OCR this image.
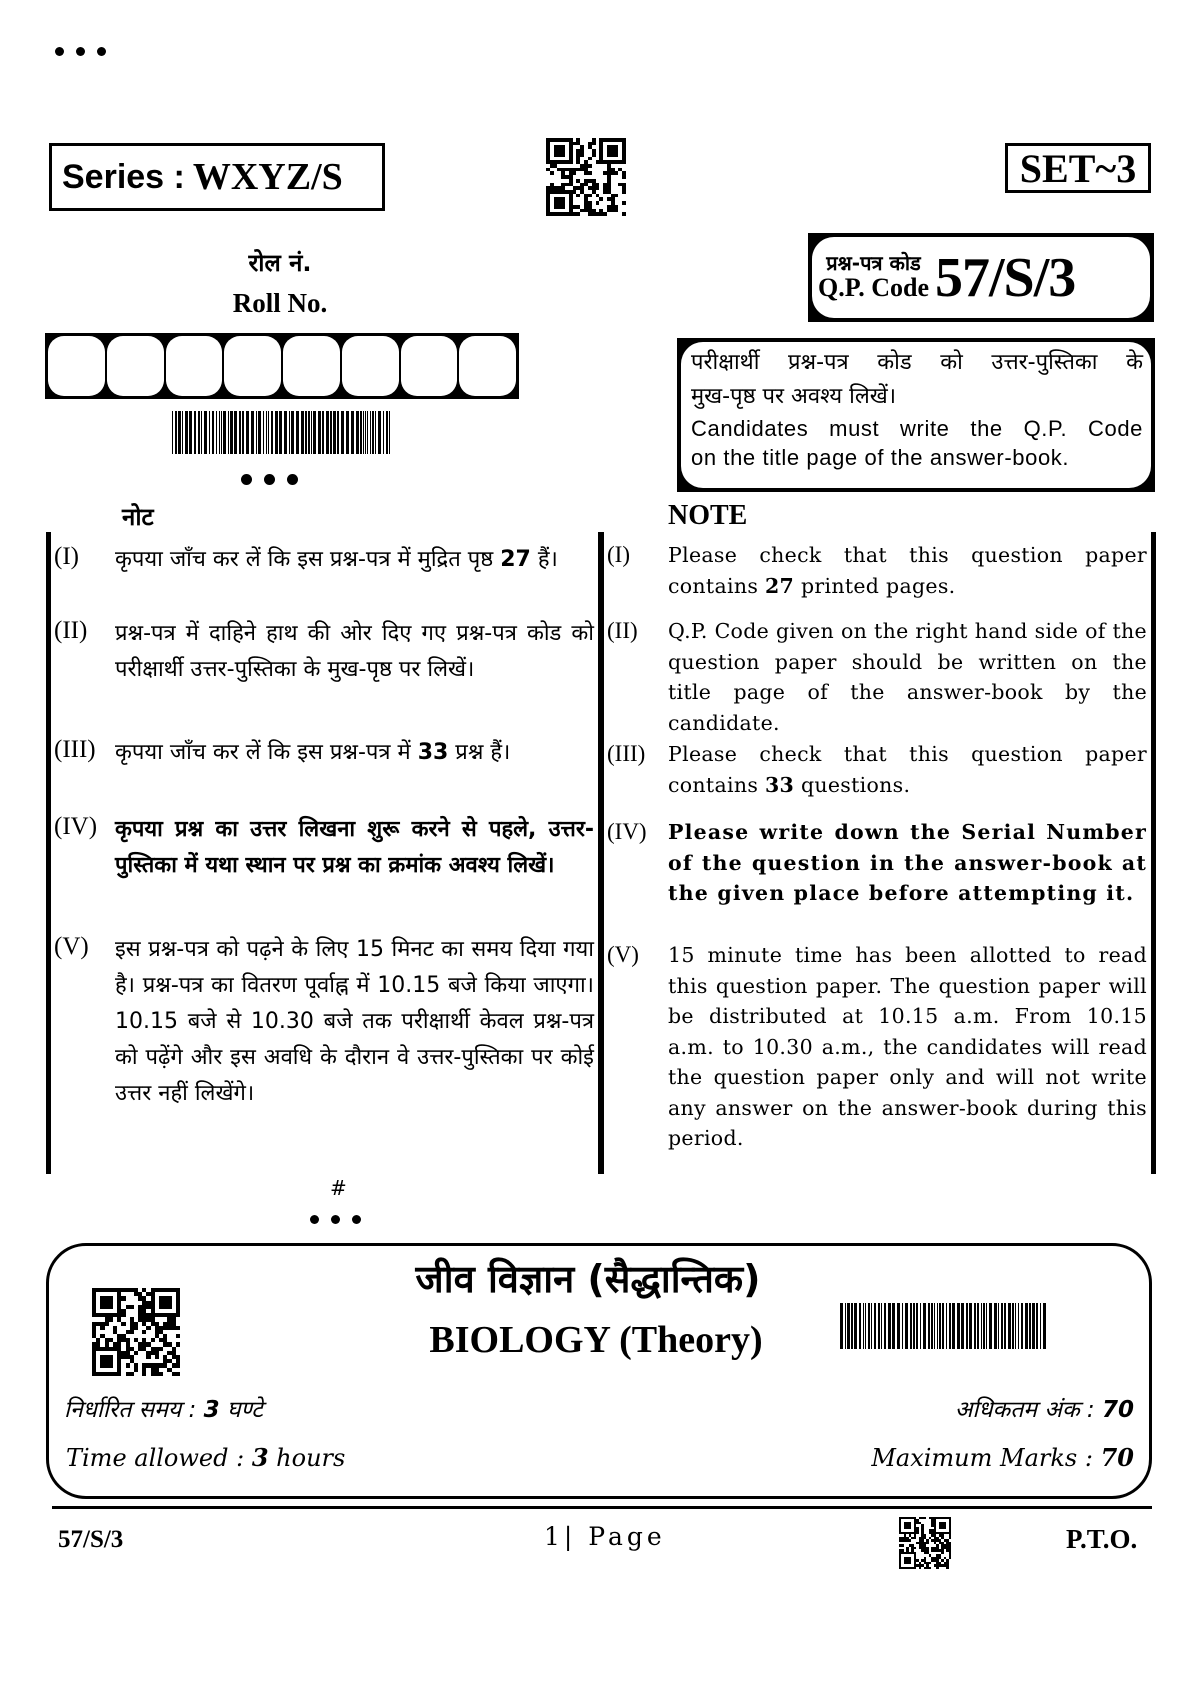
Series : WXYZ/S	SET~3
रोल नं.
Roll No.
प्रश्न-पत्र कोड
Q.P. Code 57/S/3
परीक्षार्थी प्रश्न-पत्र कोड को उत्तर-पुस्तिका के
मुख-पृष्ठ पर अवश्य लिखें।
Candidates must write the Q.P. Code
on the title page of the answer-book.
नोट	NOTE
(I)	कृपया जाँच कर लें कि इस प्रश्न-पत्र में मुद्रित पृष्ठ 27 हैं।
(II)	प्रश्न-पत्र में दाहिने हाथ की ओर दिए गए प्रश्न-पत्र कोड को परीक्षार्थी उत्तर-पुस्तिका के मुख-पृष्ठ पर लिखें।
(III) कृपया जाँच कर लें कि इस प्रश्न-पत्र में 33 प्रश्न हैं।
(IV) कृपया प्रश्न का उत्तर लिखना शुरू करने से पहले, उत्तर-पुस्तिका में यथा स्थान पर प्रश्न का क्रमांक अवश्य लिखें।
(V)	इस प्रश्न-पत्र को पढ़ने के लिए 15 मिनट का समय दिया गया है। प्रश्न-पत्र का वितरण पूर्वाह्न में 10.15 बजे किया जाएगा। 10.15 बजे से 10.30 बजे तक परीक्षार्थी केवल प्रश्न-पत्र को पढ़ेंगे और इस अवधि के दौरान वे उत्तर-पुस्तिका पर कोई उत्तर नहीं लिखेंगे।
(I)	Please check that this question paper contains 27 printed pages.
(II)	Q.P. Code given on the right hand side of the question paper should be written on the title page of the answer-book by the candidate.
(III)	Please check that this question paper contains 33 questions.
(IV)	Please write down the Serial Number of the question in the answer-book at the given place before attempting it.
(V)	15 minute time has been allotted to read this question paper. The question paper will be distributed at 10.15 a.m. From 10.15 a.m. to 10.30 a.m., the candidates will read the question paper only and will not write any answer on the answer-book during this period.
#
जीव विज्ञान (सैद्धान्तिक)
BIOLOGY (Theory)
निर्धारित समय : 3 घण्टे
Time allowed : 3 hours
अधिकतम अंक : 70
Maximum Marks : 70
57/S/3	1| Page	P.T.O.
